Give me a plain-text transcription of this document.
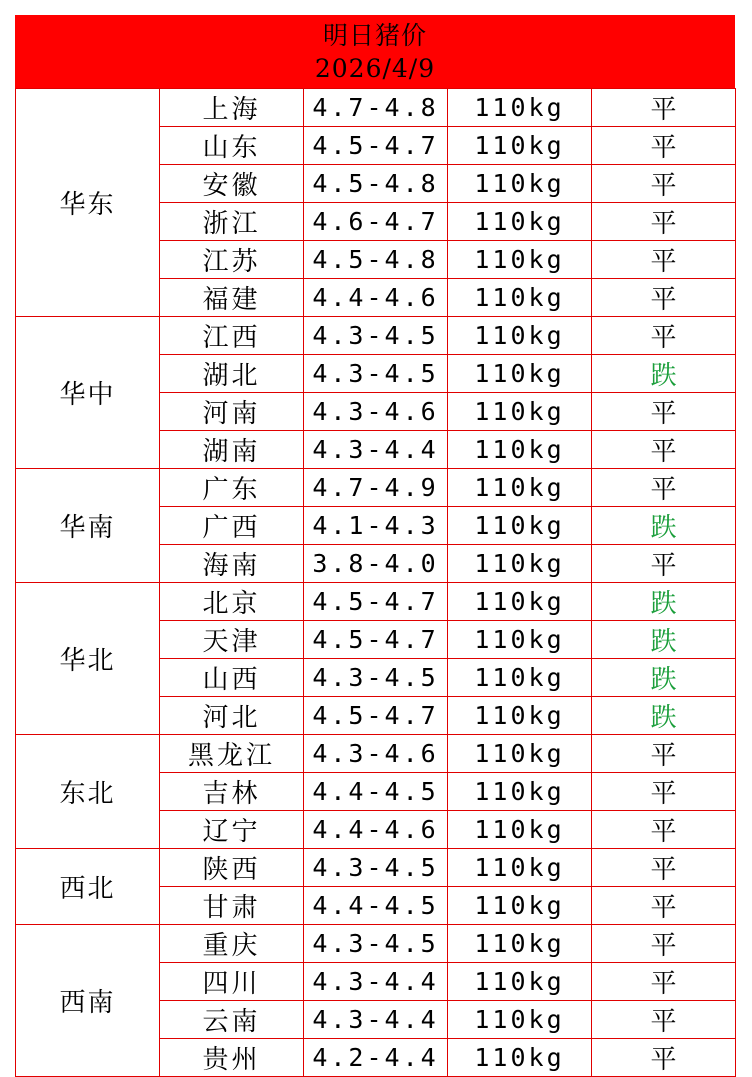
明日猪价
2026/4/9
华东	上海	4.7-4.8	110kg	平
	山东	4.5-4.7	110kg	平
	安徽	4.5-4.8	110kg	平
	浙江	4.6-4.7	110kg	平
	江苏	4.5-4.8	110kg	平
	福建	4.4-4.6	110kg	平
华中	江西	4.3-4.5	110kg	平
	湖北	4.3-4.5	110kg	跌
	河南	4.3-4.6	110kg	平
	湖南	4.3-4.4	110kg	平
华南	广东	4.7-4.9	110kg	平
	广西	4.1-4.3	110kg	跌
	海南	3.8-4.0	110kg	平
华北	北京	4.5-4.7	110kg	跌
	天津	4.5-4.7	110kg	跌
	山西	4.3-4.5	110kg	跌
	河北	4.5-4.7	110kg	跌
东北	黑龙江	4.3-4.6	110kg	平
	吉林	4.4-4.5	110kg	平
	辽宁	4.4-4.6	110kg	平
西北	陕西	4.3-4.5	110kg	平
	甘肃	4.4-4.5	110kg	平
西南	重庆	4.3-4.5	110kg	平
	四川	4.3-4.4	110kg	平
	云南	4.3-4.4	110kg	平
	贵州	4.2-4.4	110kg	平
